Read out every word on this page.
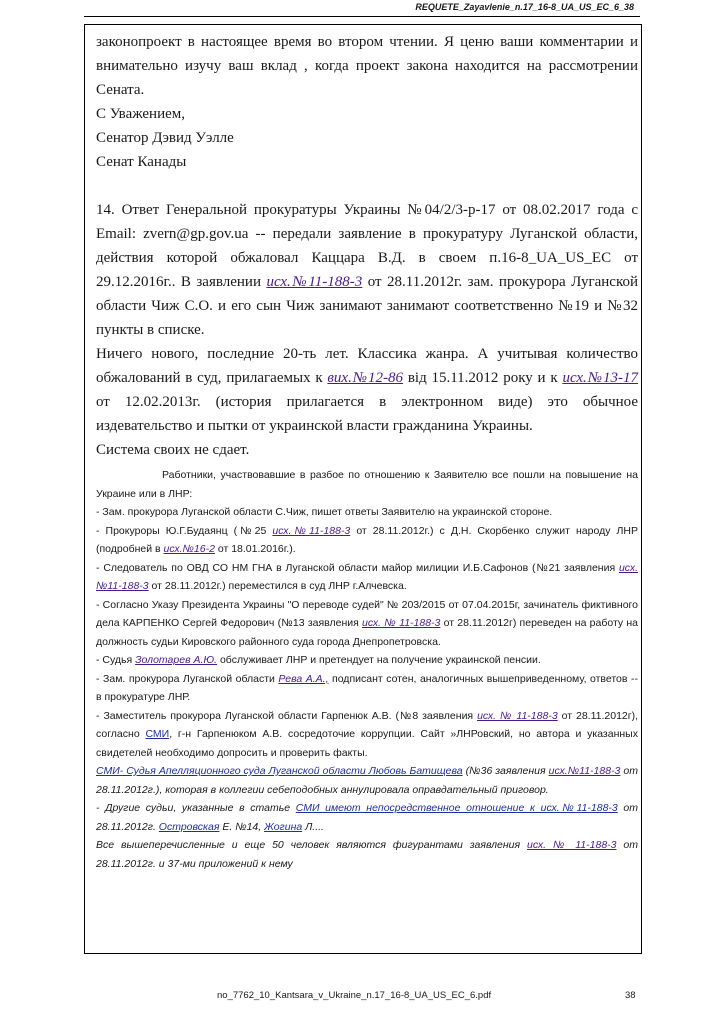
REQUETE_Zayavlenie_n.17_16-8_UA_US_EC_6_38

законопроект в настоящее время во втором чтении. Я ценю ваши комментарии и внимательно изучу ваш вклад , когда проект закона находится на рассмотрении Сената.

С Уважением,

Сенатор Дэвид Уэлле

Сенат Канады

14. Ответ Генеральной прокуратуры Украины №04/2/3-р-17 от 08.02.2017 года с Email: zvern@gp.gov.ua -- передали заявление в прокуратуру Луганской области, действия которой обжаловал Каццара В.Д. в своем п.16-8_UA_US_EC от 29.12.2016г.. В заявлении исх.№11-188-3 от 28.11.2012г. зам. прокурора Луганской области Чиж С.О. и его сын Чиж занимают занимают соответственно №19 и №32 пункты в списке.

Ничего нового, последние 20-ть лет. Классика жанра. А учитывая количество обжалований в суд, прилагаемых к вих.№12-86 від 15.11.2012 року и к исх.№13-17 от 12.02.2013г. (история прилагается в электронном виде) это обычное издевательство и пытки от украинской власти гражданина Украины.

Система своих не сдает.

Работники, участвовавшие в разбое по отношению к Заявителю все пошли на повышение на Украине или в ЛНР:

- Зам. прокурора Луганской области С.Чиж, пишет ответы Заявителю на украинской стороне.

- Прокуроры Ю.Г.Будаянц (№25 исх.№11-188-3 от 28.11.2012г.) с Д.Н. Скорбенко служит народу ЛНР (подробней в исх.№16-2 от 18.01.2016г.).

- Следователь по ОВД СО НМ ГНА в Луганской области майор милиции И.Б.Сафонов (№21 заявления исх.№11-188-3 от 28.11.2012г.) переместился в суд ЛНР г.Алчевска.

- Согласно Указу Президента Украины "О переводе судей" № 203/2015 от 07.04.2015г, зачинатель фиктивного дела КАРПЕНКО Сергей Федорович (№13 заявления исх. № 11-188-3 от 28.11.2012г) переведен на работу на должность судьи Кировского районного суда города Днепропетровска.

- Судья Золотарев А.Ю. обслуживает ЛНР и претендует на получение украинской пенсии.

- Зам. прокурора Луганской области Рева А.А., подписант сотен, аналогичных вышеприведенному, ответов -- в прокуратуре ЛНР.

- Заместитель прокурора Луганской области Гарпенюк А.В. (№8 заявления исх. № 11-188-3 от 28.11.2012г), согласно СМИ, г-н Гарпенюком А.В. сосредоточие коррупции. Сайт »ЛНРовский, но автора и указанных свидетелей необходимо допросить и проверить факты.

СМИ- Судья Апелляционного суда Луганской области Любовь Батищева (№36 заявления исх.№11-188-3 от 28.11.2012г.), которая в коллегии себеподобных аннулировала оправдательный приговор.

- Другие судьи, указанные в статье СМИ имеют непосредственное отношение к исх.№11-188-3 от 28.11.2012г. Островская Е. №14, Жогина Л....

Все вышеперечисленные и еще 50 человек являются фигурантами заявления исх. № 11-188-3 от 28.11.2012г. и 37-ми приложений к нему

no_7762_10_Kantsara_v_Ukraine_n.17_16-8_UA_US_EC_6.pdf	38
